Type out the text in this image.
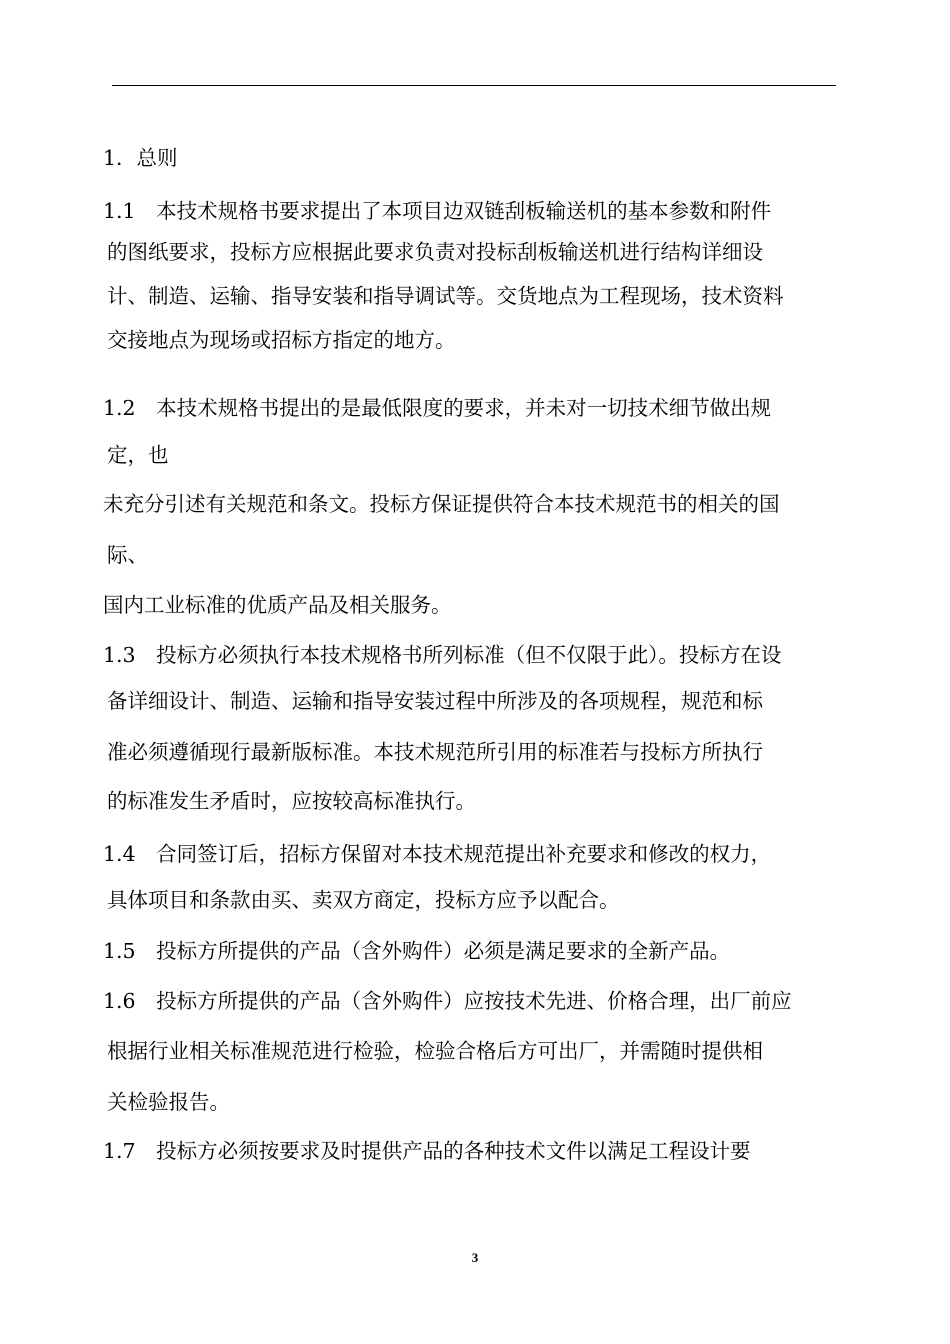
1．总则
1.1　本技术规格书要求提出了本项目边双链刮板输送机的基本参数和附件
的图纸要求，投标方应根据此要求负责对投标刮板输送机进行结构详细设
计、制造、运输、指导安装和指导调试等。交货地点为工程现场，技术资料
交接地点为现场或招标方指定的地方。
1.2　本技术规格书提出的是最低限度的要求，并未对一切技术细节做出规
定，也
未充分引述有关规范和条文。投标方保证提供符合本技术规范书的相关的国
际、
国内工业标准的优质产品及相关服务。
1.3　投标方必须执行本技术规格书所列标准（但不仅限于此）。投标方在设
备详细设计、制造、运输和指导安装过程中所涉及的各项规程，规范和标
准必须遵循现行最新版标准。本技术规范所引用的标准若与投标方所执行
的标准发生矛盾时，应按较高标准执行。
1.4　合同签订后，招标方保留对本技术规范提出补充要求和修改的权力，
具体项目和条款由买、卖双方商定，投标方应予以配合。
1.5　投标方所提供的产品（含外购件）必须是满足要求的全新产品。
1.6　投标方所提供的产品（含外购件）应按技术先进、价格合理，出厂前应
根据行业相关标准规范进行检验，检验合格后方可出厂，并需随时提供相
关检验报告。
1.7　投标方必须按要求及时提供产品的各种技术文件以满足工程设计要
3
